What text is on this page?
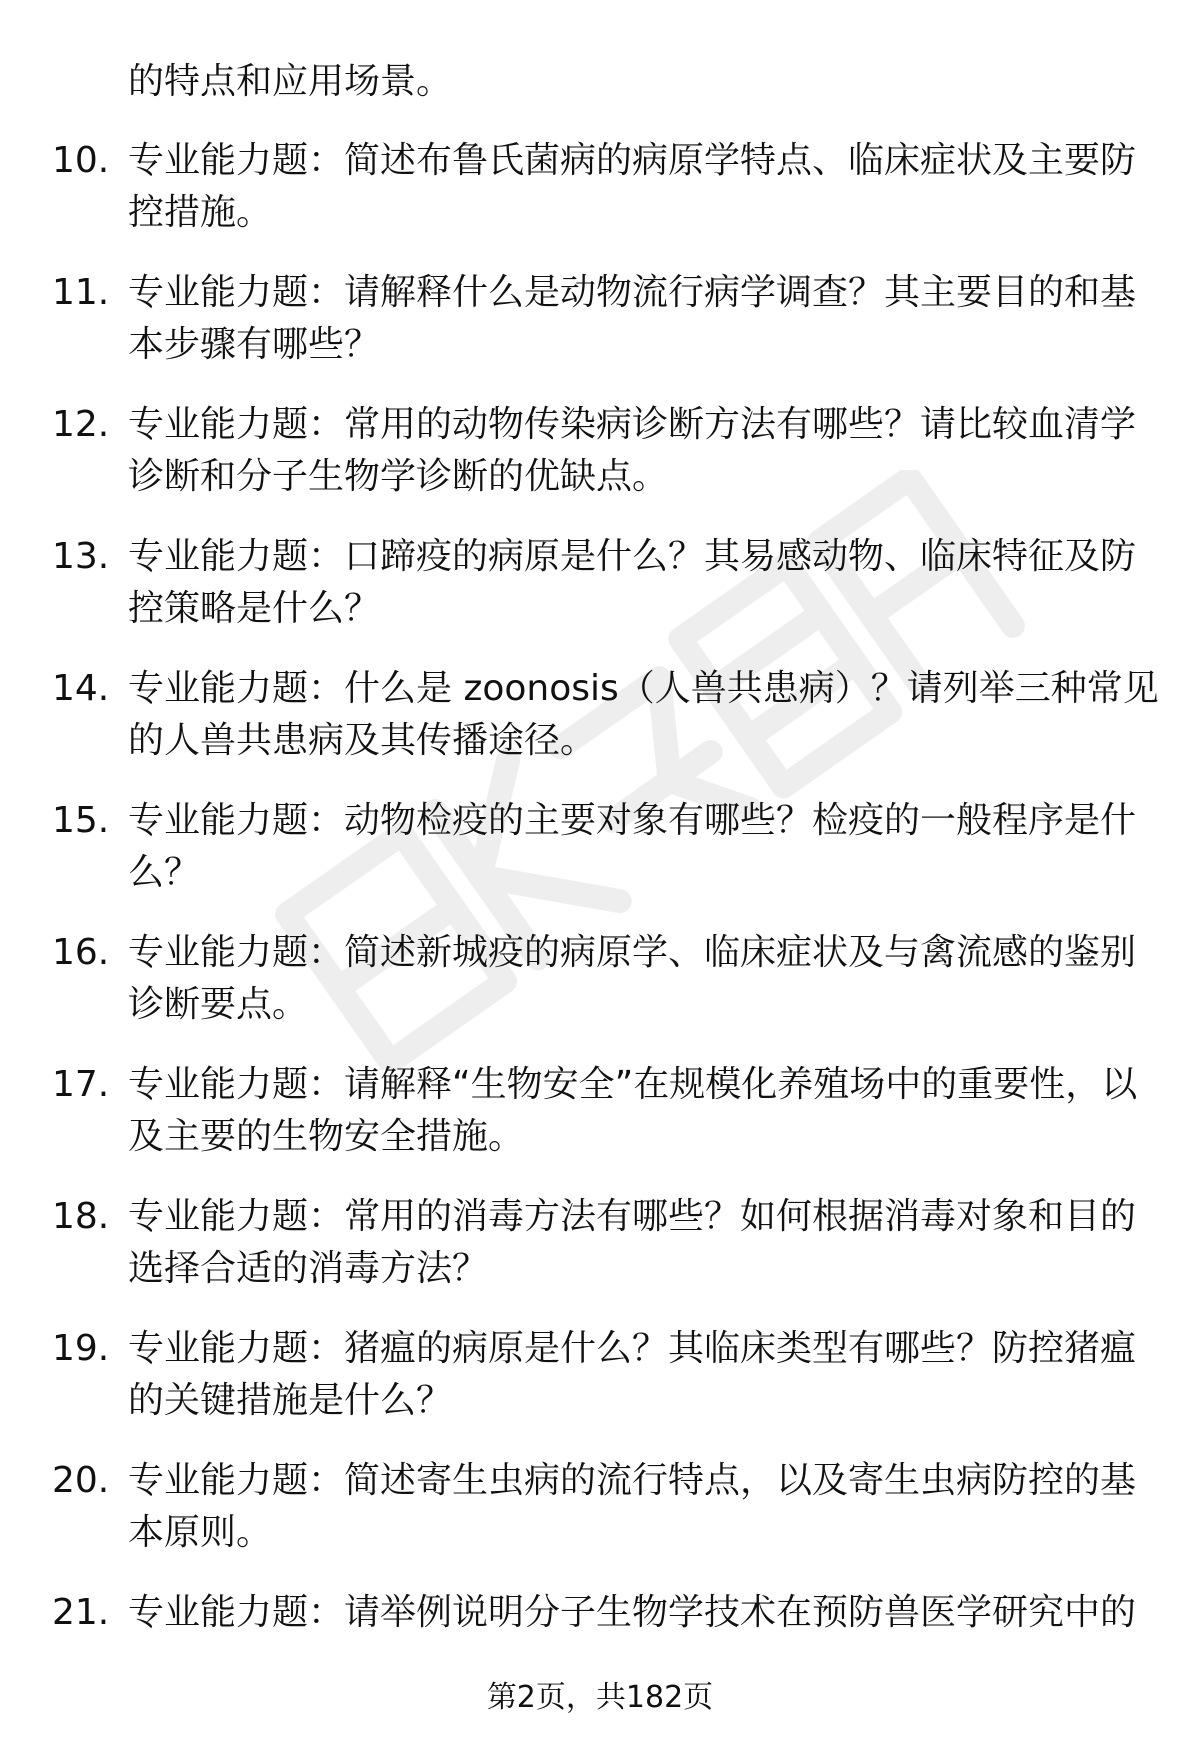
的特点和应用场景。
10. 专业能力题：简述布鲁氏菌病的病原学特点、临床症状及主要防控措施。
11. 专业能力题：请解释什么是动物流行病学调查？其主要目的和基本步骤有哪些？
12. 专业能力题：常用的动物传染病诊断方法有哪些？请比较血清学诊断和分子生物学诊断的优缺点。
13. 专业能力题：口蹄疫的病原是什么？其易感动物、临床特征及防控策略是什么？
14. 专业能力题：什么是 zoonosis（人兽共患病）？请列举三种常见的人兽共患病及其传播途径。
15. 专业能力题：动物检疫的主要对象有哪些？检疫的一般程序是什么？
16. 专业能力题：简述新城疫的病原学、临床症状及与禽流感的鉴别诊断要点。
17. 专业能力题：请解释“生物安全”在规模化养殖场中的重要性，以及主要的生物安全措施。
18. 专业能力题：常用的消毒方法有哪些？如何根据消毒对象和目的选择合适的消毒方法？
19. 专业能力题：猪瘟的病原是什么？其临床类型有哪些？防控猪瘟的关键措施是什么？
20. 专业能力题：简述寄生虫病的流行特点，以及寄生虫病防控的基本原则。
21. 专业能力题：请举例说明分子生物学技术在预防兽医学研究中的
第2页，共182页
